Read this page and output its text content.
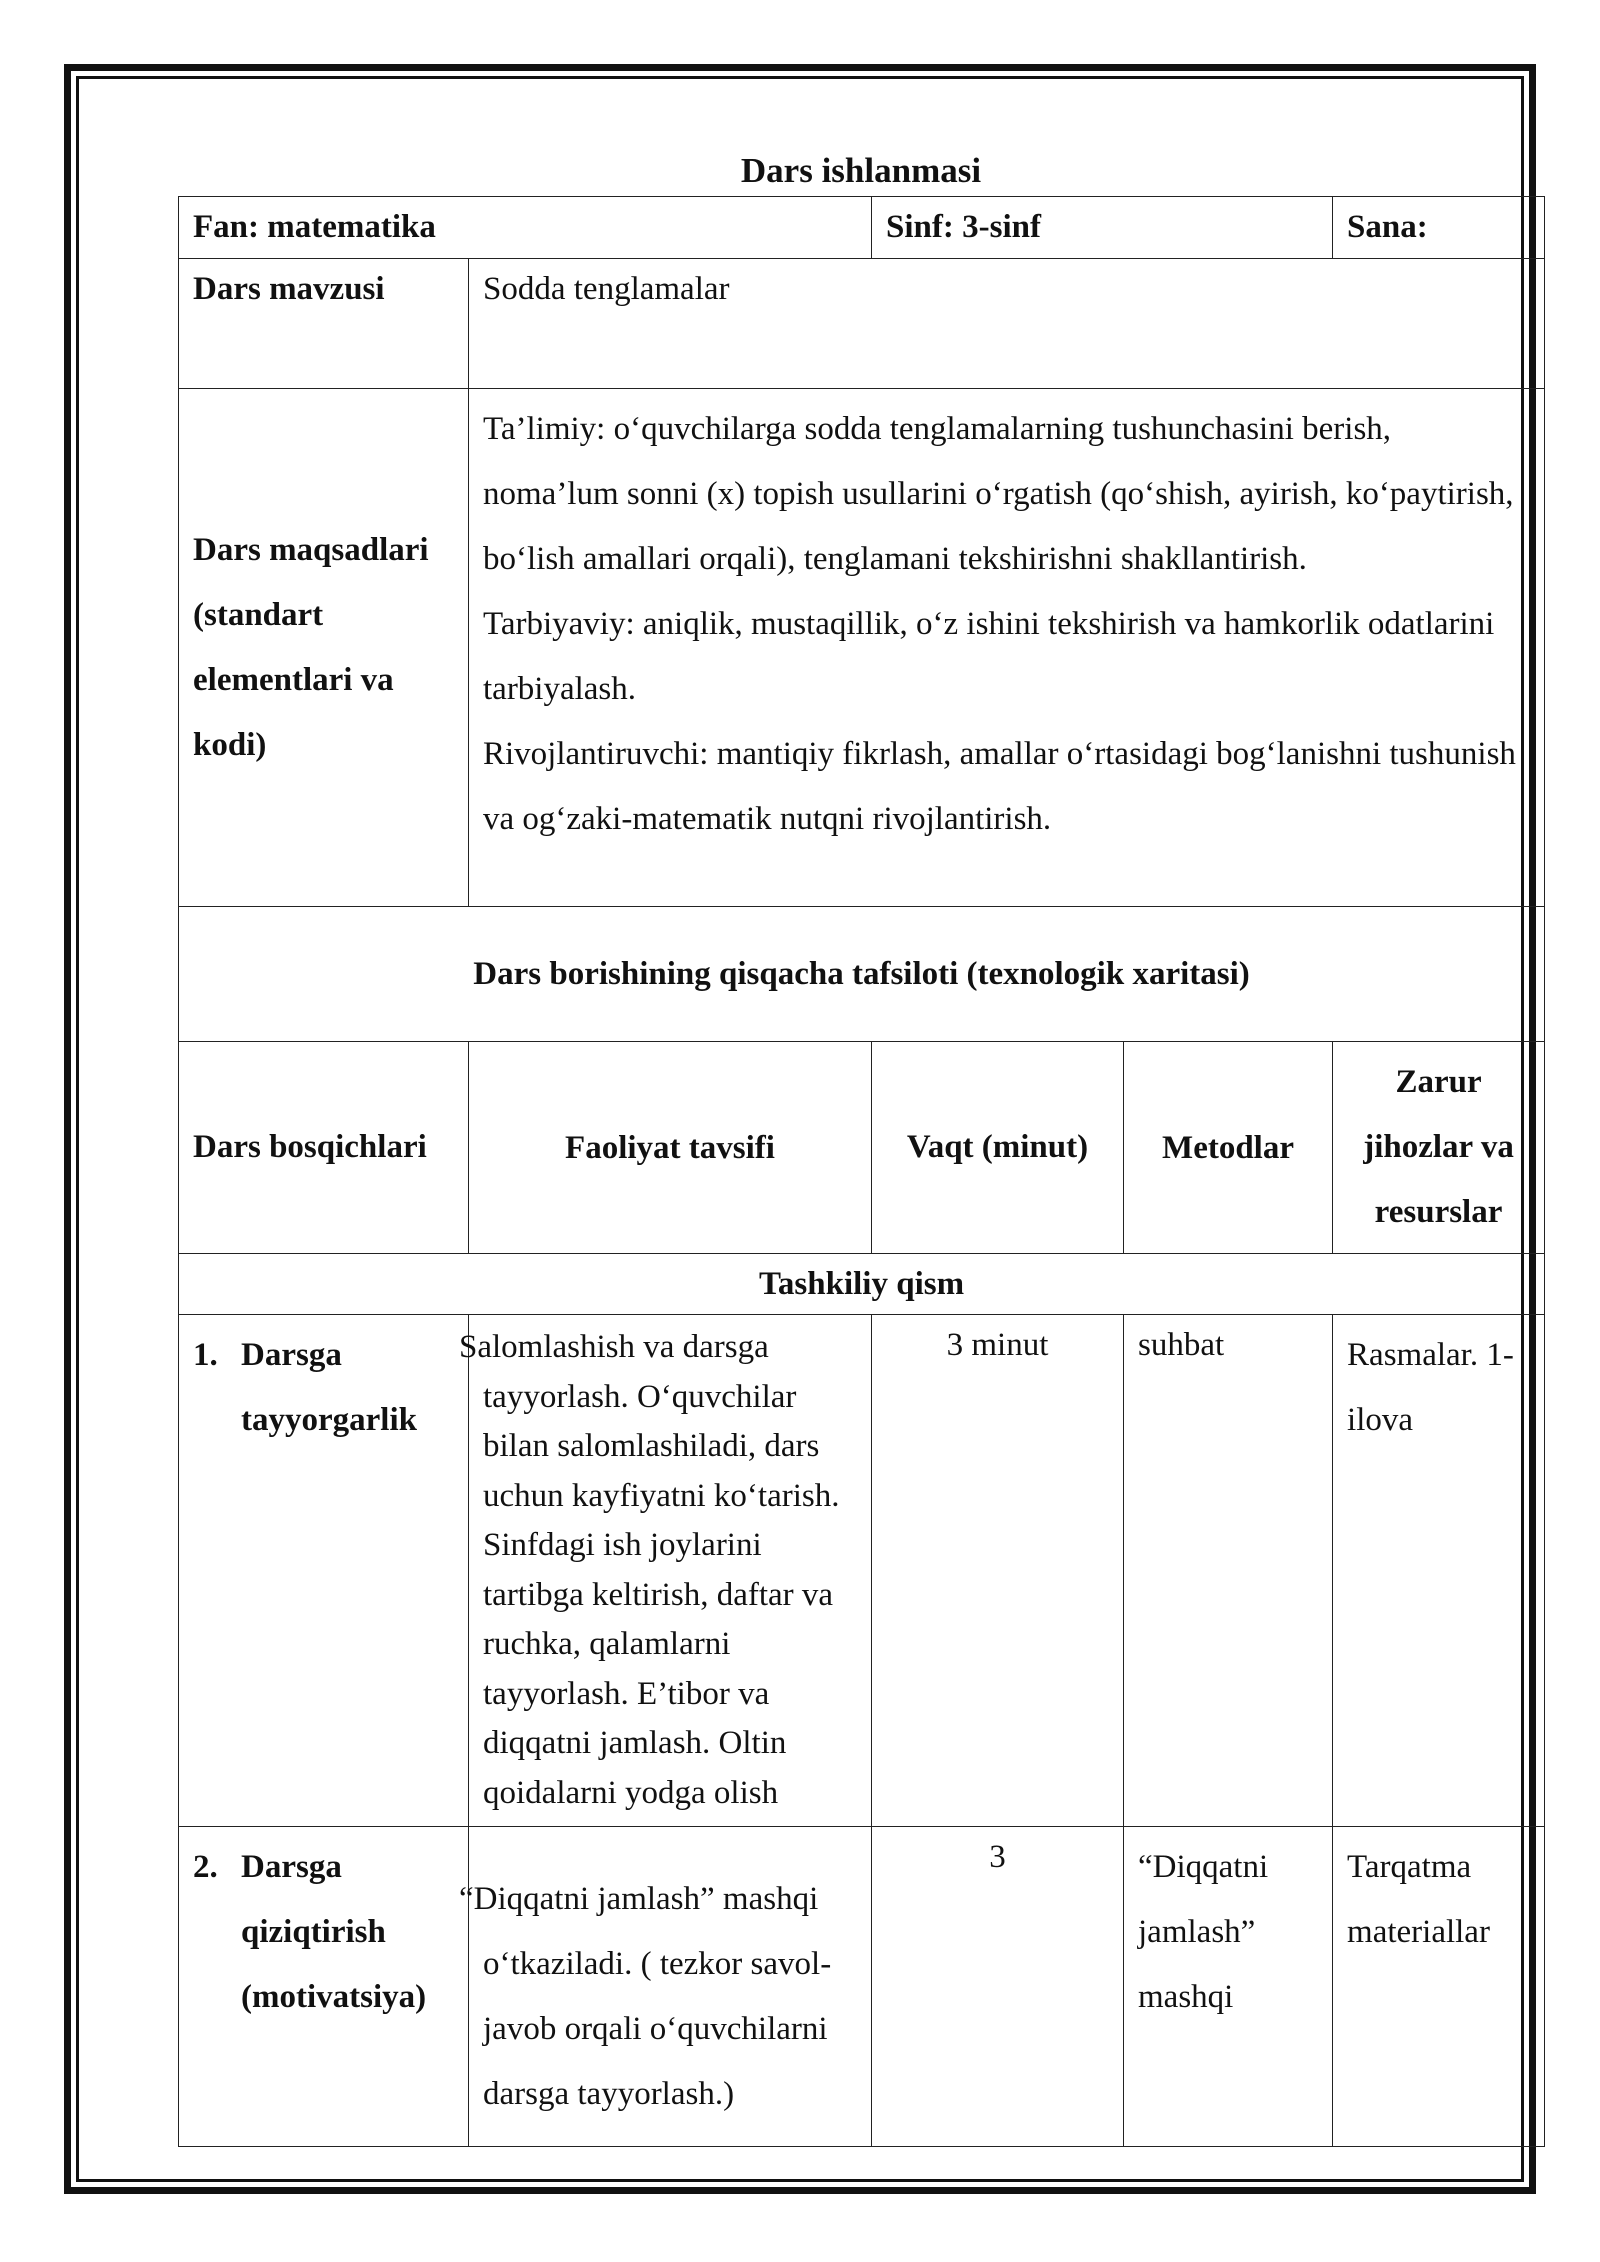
Dars ishlanmasi
Fan: matematika		Sinf: 3-sinf		Sana:
Dars mavzusi	Sodda tenglamalar			
Dars maqsadlari (standart elementlari va kodi)	Ta’limiy: o‘quvchilarga sodda tenglamalarning tushunchasini berish, noma’lum sonni (x) topish usullarini o‘rgatish (qo‘shish, ayirish, ko‘paytirish, bo‘lish amallari orqali), tenglamani tekshirishni shakllantirish.

Tarbiyaviy: aniqlik, mustaqillik, o‘z ishini tekshirish va hamkorlik odatlarini tarbiyalash.

Rivojlantiruvchi: mantiqiy fikrlash, amallar o‘rtasidagi bog‘lanishni tushunish va og‘zaki-matematik nutqni rivojlantirish.			

Dars borishining qisqacha tafsiloti (texnologik xaritasi)				
Dars bosqichlari	Faoliyat tavsifi	Vaqt (minut)	Metodlar	Zarur jihozlar va resurslar
Tashkiliy qism				

1. Darsga tayyorgarlik	Salomlashish va darsga tayyorlash. O‘quvchilar bilan salomlashiladi, dars uchun kayfiyatni ko‘tarish. Sinfdagi ish joylarini tartibga keltirish, daftar va ruchka, qalamlarni tayyorlash. E’tibor va diqqatni jamlash. Oltin qoidalarni yodga olish	3 minut	suhbat	Rasmalar. 1-ilova

2. Darsga qiziqtirish (motivatsiya)	“Diqqatni jamlash” mashqi o‘tkaziladi. ( tezkor savol-javob orqali o‘quvchilarni darsga tayyorlash.)	3	“Diqqatni jamlash” mashqi	Tarqatma materiallar
